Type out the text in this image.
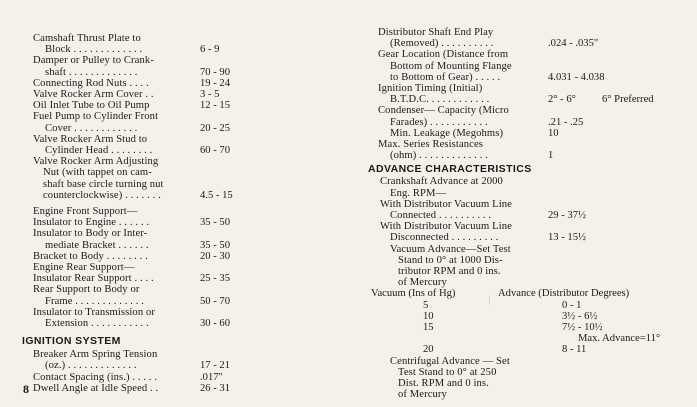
Camshaft Thrust Plate to
Block . . . . . . . . . . . . .	6 - 9
Damper or Pulley to Crank-
shaft . . . . . . . . . . . . .	70 - 90
Connecting Rod Nuts . . . .	19 - 24
Valve Rocker Arm Cover . .	3 - 5
Oil Inlet Tube to Oil Pump	12 - 15
Fuel Pump to Cylinder Front
Cover . . . . . . . . . . . .	20 - 25
Valve Rocker Arm Stud to
Cylinder Head . . . . . . . .	60 - 70
Valve Rocker Arm Adjusting
Nut (with tappet on cam-
shaft base circle turning nut
counterclockwise) . . . . . . .	4.5 - 15
Engine Front Support—
Insulator to Engine . . . . . .	35 - 50
Insulator to Body or Inter-
mediate Bracket . . . . . .	35 - 50
Bracket to Body . . . . . . . .	20 - 30
Engine Rear Support—
Insulator Rear Support . . . .	25 - 35
Rear Support to Body or
Frame . . . . . . . . . . . . .	50 - 70
Insulator to Transmission or
Extension . . . . . . . . . . .	30 - 60
IGNITION SYSTEM
Breaker Arm Spring Tension
(oz.) . . . . . . . . . . . . .	17 - 21
Contact Spacing (ins.) . . . . .	.017"
Dwell Angle at Idle Speed . .	26 - 31
Distributor Shaft End Play
(Removed) . . . . . . . . . .	.024 - .035"
Gear Location (Distance from
Bottom of Mounting Flange
to Bottom of Gear) . . . . .	4.031 - 4.038
Ignition Timing (Initial)
B.T.D.C. . . . . . . . . . . .	2° - 6° 6° Preferred
Condenser— Capacity (Micro
Farades) . . . . . . . . . . .	.21 - .25
Min. Leakage (Megohms)	10
Max. Series Resistances
(ohm) . . . . . . . . . . . . .	1
ADVANCE CHARACTERISTICS
Crankshaft Advance at 2000
Eng. RPM—
With Distributor Vacuum Line
Connected . . . . . . . . . .	29 - 37½
With Distributor Vacuum Line
Disconnected . . . . . . . . .	13 - 15½
Vacuum Advance—Set Test
Stand to 0° at 1000 Dis-
tributor RPM and 0 ins.
of Mercury
Vacuum (Ins of Hg)	Advance (Distributor Degrees)
5	0 - 1
10	3½ - 6½
15	7½ - 10½
Max. Advance=11°
20	8 - 11
Centrifugal Advance — Set
Test Stand to 0° at 250
Dist. RPM and 0 ins.
of Mercury
8
